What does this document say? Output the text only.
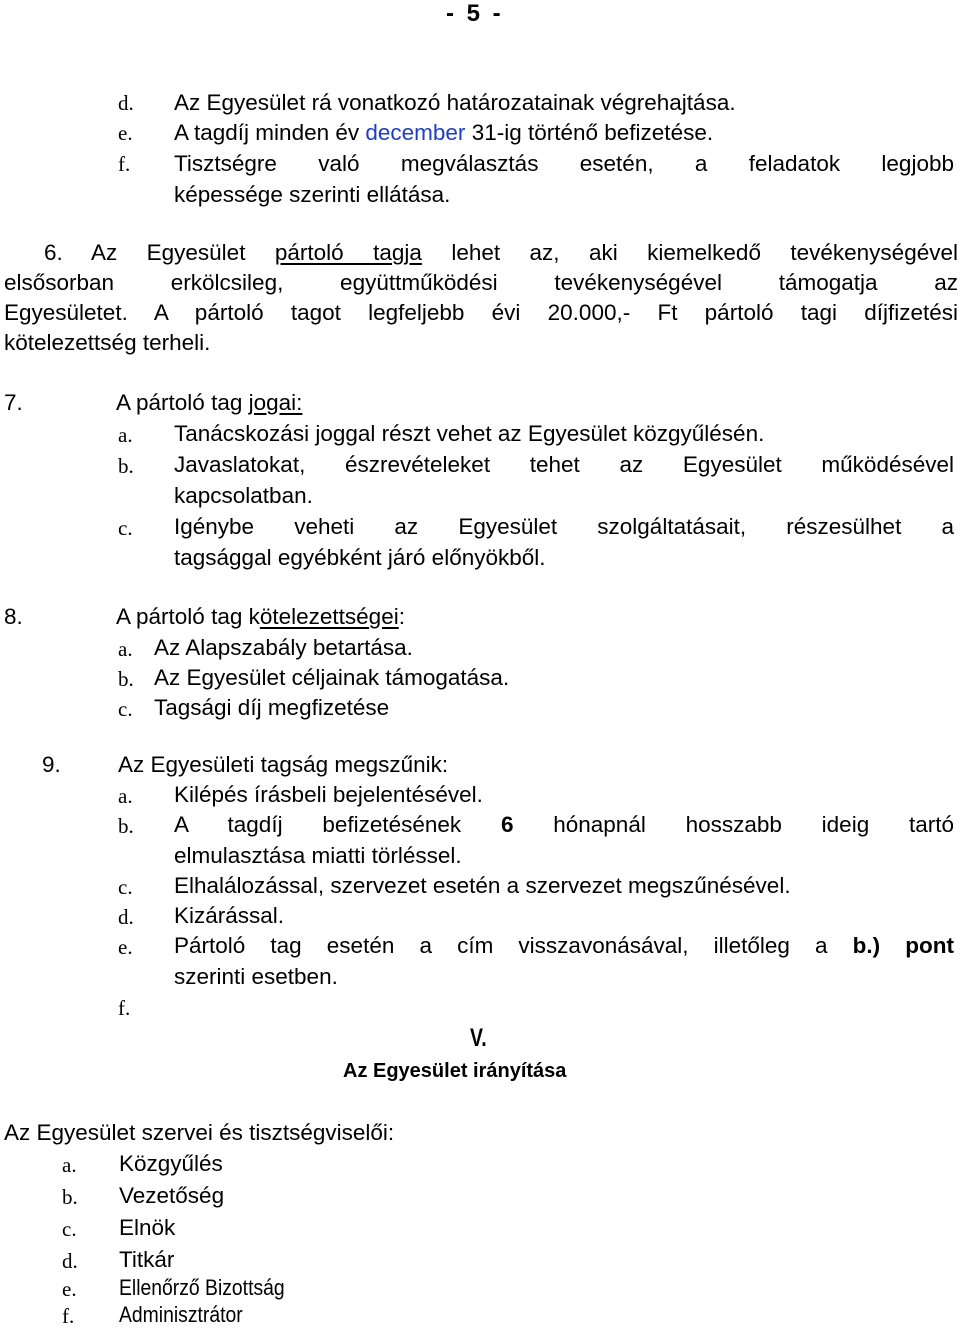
- 5 -
d. Az Egyesület rá vonatkozó határozatainak végrehajtása.
e. A tagdíj minden év december 31-ig történő befizetése.
f. Tisztségre való megválasztás esetén, a feladatok legjobb
képessége szerinti ellátása.
6. Az Egyesület pártoló tagja lehet az, aki kiemelkedő tevékenységével
elsősorban erkölcsileg, együttműködési tevékenységével támogatja az
Egyesületet. A pártoló tagot legfeljebb évi 20.000,- Ft pártoló tagi díjfizetési
kötelezettség terheli.
7.	A pártoló tag jogai:
a. Tanácskozási joggal részt vehet az Egyesület közgyűlésén.
b. Javaslatokat, észrevételeket tehet az Egyesület működésével
kapcsolatban.
c. Igénybe veheti az Egyesület szolgáltatásait, részesülhet a
tagsággal egyébként járó előnyökből.
8.	A pártoló tag kötelezettségei:
a. Az Alapszabály betartása.
b. Az Egyesület céljainak támogatása.
c. Tagsági díj megfizetése
9.	Az Egyesületi tagság megszűnik:
a. Kilépés írásbeli bejelentésével.
b. A tagdíj befizetésének 6 hónapnál hosszabb ideig tartó
elmulasztása miatti törléssel.
c. Elhalálozással, szervezet esetén a szervezet megszűnésével.
d. Kizárással.
e. Pártoló tag esetén a cím visszavonásával, illetőleg a b.) pont
szerinti esetben.
f.
V.
Az Egyesület irányítása
Az Egyesület szervei és tisztségviselői:
a. Közgyűlés
b. Vezetőség
c. Elnök
d. Titkár
e. Ellenőrző Bizottság
f. Adminisztrátor
